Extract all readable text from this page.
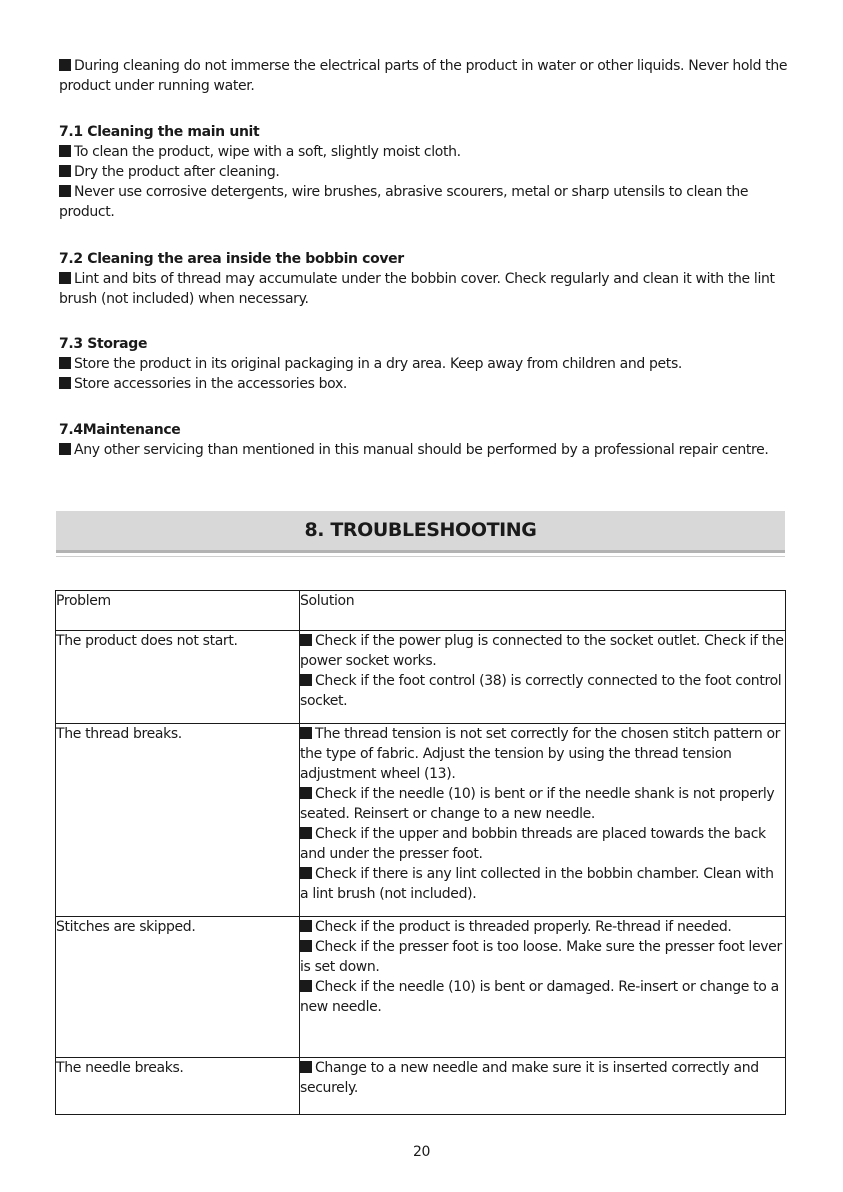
During cleaning do not immerse the electrical parts of the product in water or other liquids. Never hold the product under running water.

7.1 Cleaning the main unit

To clean the product, wipe with a soft, slightly moist cloth.

Dry the product after cleaning.

Never use corrosive detergents, wire brushes, abrasive scourers, metal or sharp utensils to clean the product.

7.2 Cleaning the area inside the bobbin cover

Lint and bits of thread may accumulate under the bobbin cover. Check regularly and clean it with the lint brush (not included) when necessary.

7.3 Storage

Store the product in its original packaging in a dry area. Keep away from children and pets.

Store accessories in the accessories box.

7.4Maintenance

Any other servicing than mentioned in this manual should be performed by a professional repair centre.

8. TROUBLESHOOTING
Problem	Solution
The product does not start.	Check if the power plug is connected to the socket outlet. Check if the power socket works.

Check if the foot control (38) is correctly connected to the foot control socket.

The thread breaks.	The thread tension is not set correctly for the chosen stitch pattern or the type of fabric. Adjust the tension by using the thread tension adjustment wheel (13).

Check if the needle (10) is bent or if the needle shank is not properly seated. Reinsert or change to a new needle.

Check if the upper and bobbin threads are placed towards the back and under the presser foot.

Check if there is any lint collected in the bobbin chamber. Clean with a lint brush (not included).

Stitches are skipped.	Check if the product is threaded properly. Re-thread if needed.

Check if the presser foot is too loose. Make sure the presser foot lever is set down.

Check if the needle (10) is bent or damaged. Re-insert or change to a new needle.

The needle breaks.	Change to a new needle and make sure it is inserted correctly and securely.

20
